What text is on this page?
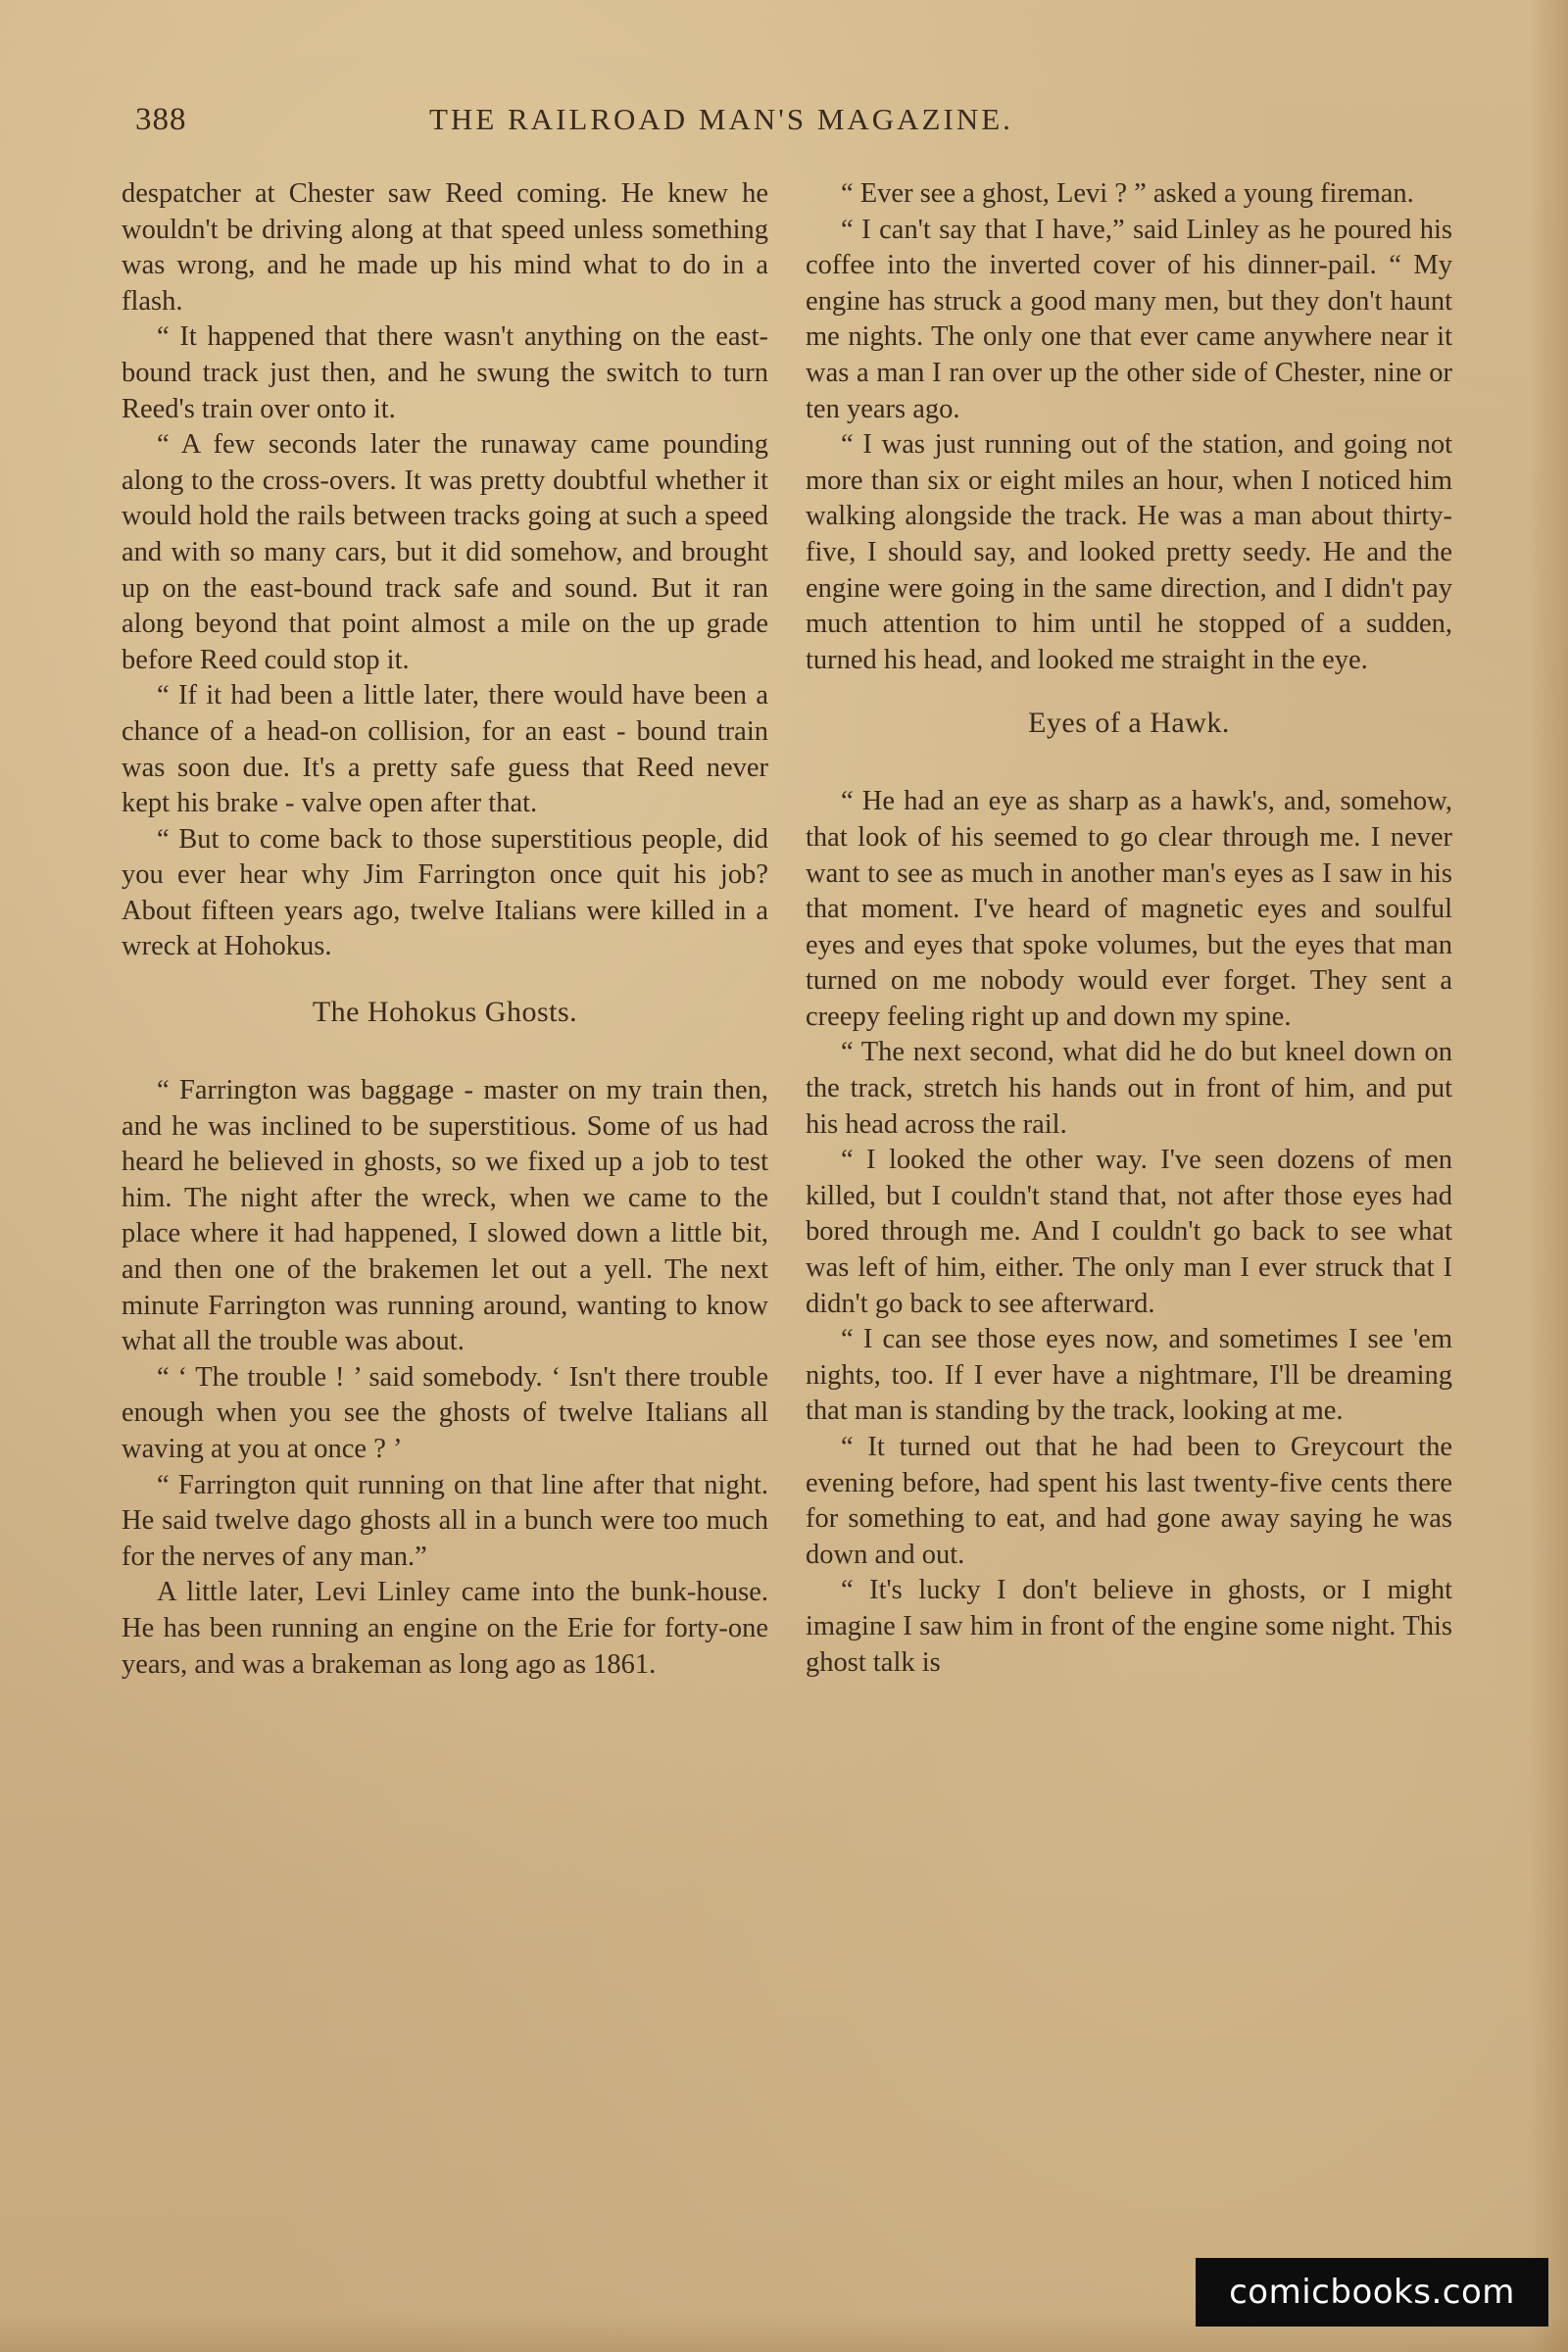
388	THE RAILROAD MAN'S MAGAZINE.

despatcher at Chester saw Reed coming. He knew he wouldn't be driving along at that speed unless something was wrong, and he made up his mind what to do in a flash.

“ It happened that there wasn't anything on the east-bound track just then, and he swung the switch to turn Reed's train over onto it.

“ A few seconds later the runaway came pounding along to the cross-overs. It was pretty doubtful whether it would hold the rails between tracks going at such a speed and with so many cars, but it did somehow, and brought up on the east-bound track safe and sound. But it ran along beyond that point almost a mile on the up grade before Reed could stop it.

“ If it had been a little later, there would have been a chance of a head-on collision, for an east - bound train was soon due. It's a pretty safe guess that Reed never kept his brake - valve open after that.

“ But to come back to those superstitious people, did you ever hear why Jim Farrington once quit his job? About fifteen years ago, twelve Italians were killed in a wreck at Hohokus.

The Hohokus Ghosts.

“ Farrington was baggage - master on my train then, and he was inclined to be superstitious. Some of us had heard he believed in ghosts, so we fixed up a job to test him. The night after the wreck, when we came to the place where it had happened, I slowed down a little bit, and then one of the brakemen let out a yell. The next minute Farrington was running around, wanting to know what all the trouble was about.

“ ‘ The trouble ! ’ said somebody. ‘ Isn't there trouble enough when you see the ghosts of twelve Italians all waving at you at once ? ’

“ Farrington quit running on that line after that night. He said twelve dago ghosts all in a bunch were too much for the nerves of any man.”

A little later, Levi Linley came into the bunk-house. He has been running an engine on the Erie for forty-one years, and was a brakeman as long ago as 1861.

“ Ever see a ghost, Levi ? ” asked a young fireman.

“ I can't say that I have,” said Linley as he poured his coffee into the inverted cover of his dinner-pail. “ My engine has struck a good many men, but they don't haunt me nights. The only one that ever came anywhere near it was a man I ran over up the other side of Chester, nine or ten years ago.

“ I was just running out of the station, and going not more than six or eight miles an hour, when I noticed him walking alongside the track. He was a man about thirty-five, I should say, and looked pretty seedy. He and the engine were going in the same direction, and I didn't pay much attention to him until he stopped of a sudden, turned his head, and looked me straight in the eye.

Eyes of a Hawk.

“ He had an eye as sharp as a hawk's, and, somehow, that look of his seemed to go clear through me. I never want to see as much in another man's eyes as I saw in his that moment. I've heard of magnetic eyes and soulful eyes and eyes that spoke volumes, but the eyes that man turned on me nobody would ever forget. They sent a creepy feeling right up and down my spine.

“ The next second, what did he do but kneel down on the track, stretch his hands out in front of him, and put his head across the rail.

“ I looked the other way. I've seen dozens of men killed, but I couldn't stand that, not after those eyes had bored through me. And I couldn't go back to see what was left of him, either. The only man I ever struck that I didn't go back to see afterward.

“ I can see those eyes now, and sometimes I see 'em nights, too. If I ever have a nightmare, I'll be dreaming that man is standing by the track, looking at me.

“ It turned out that he had been to Greycourt the evening before, had spent his last twenty-five cents there for something to eat, and had gone away saying he was down and out.

“ It's lucky I don't believe in ghosts, or I might imagine I saw him in front of the engine some night. This ghost talk is

comicbooks.com
